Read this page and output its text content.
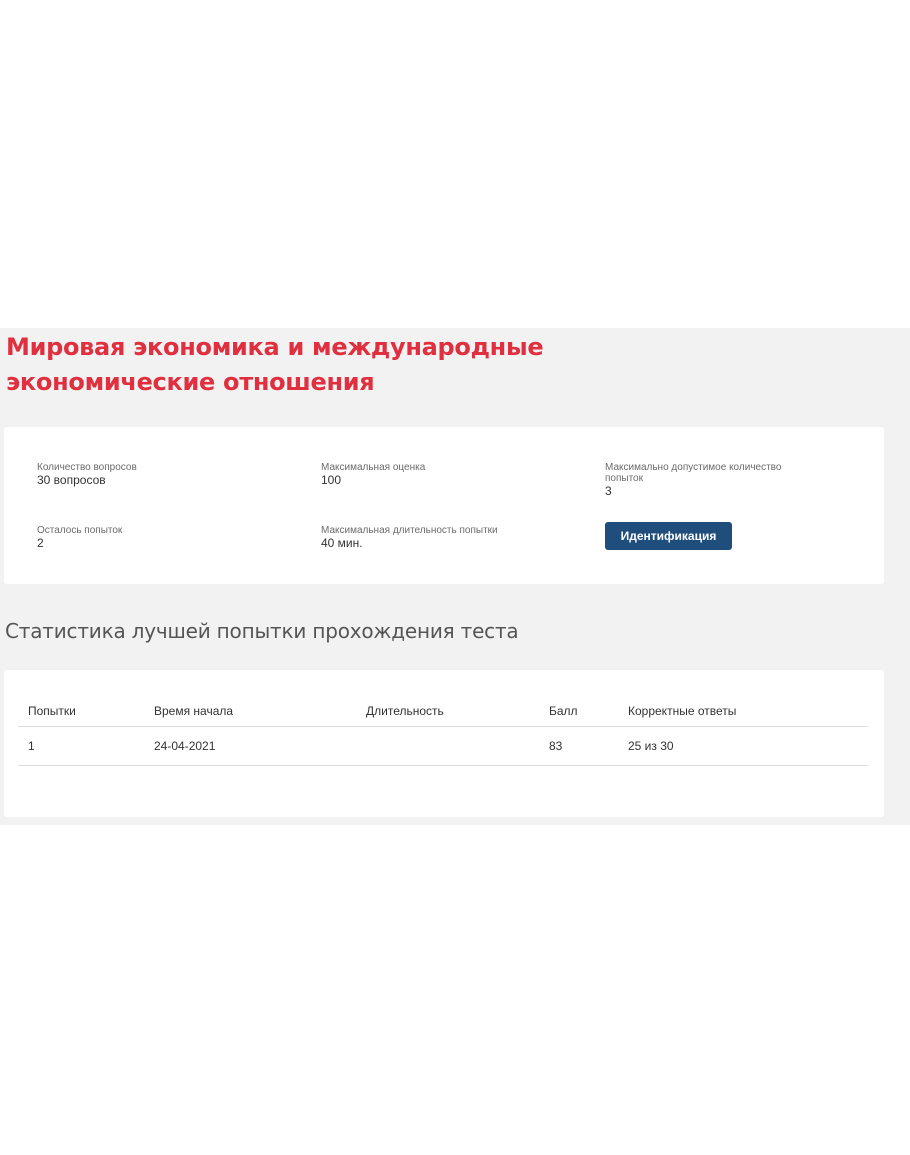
Мировая экономика и международные экономические отношения
Количество вопросов
30 вопросов
Максимальная оценка
100
Максимально допустимое количество попыток
3
Осталось попыток
2
Максимальная длительность попытки
40 мин.	Идентификация
Статистика лучшей попытки прохождения теста
Попытки	Время начала	Длительность	Балл	Корректные ответы
1	24-04-2021		83	25 из 30
